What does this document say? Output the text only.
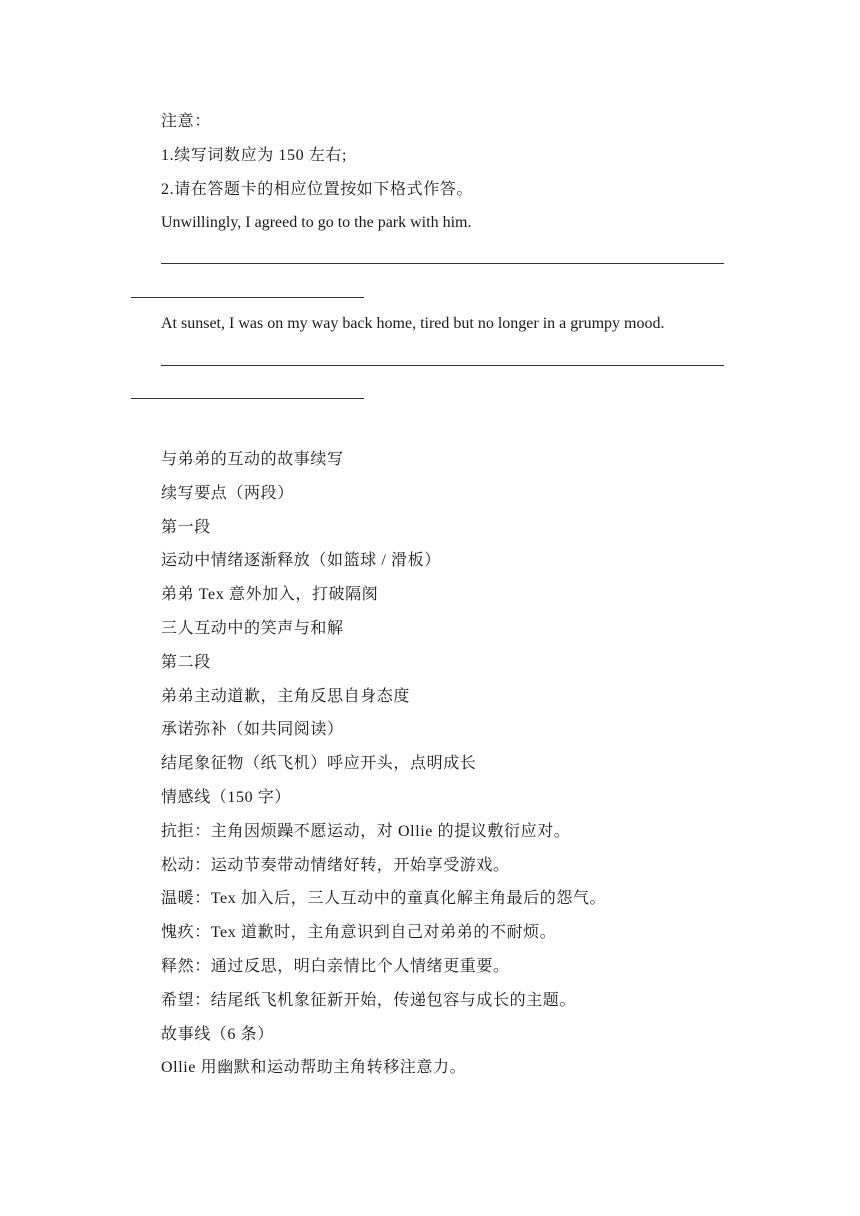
注意：
1.续写词数应为 150 左右;
2.请在答题卡的相应位置按如下格式作答。
Unwillingly, I agreed to go to the park with him.
At sunset, I was on my way back home, tired but no longer in a grumpy mood.
与弟弟的互动的故事续写
续写要点（两段）
第一段
运动中情绪逐渐释放（如篮球 / 滑板）
弟弟 Tex 意外加入，打破隔阂
三人互动中的笑声与和解
第二段
弟弟主动道歉，主角反思自身态度
承诺弥补（如共同阅读）
结尾象征物（纸飞机）呼应开头，点明成长
情感线（150 字）
抗拒：主角因烦躁不愿运动，对 Ollie 的提议敷衍应对。
松动：运动节奏带动情绪好转，开始享受游戏。
温暖：Tex 加入后，三人互动中的童真化解主角最后的怨气。
愧疚：Tex 道歉时，主角意识到自己对弟弟的不耐烦。
释然：通过反思，明白亲情比个人情绪更重要。
希望：结尾纸飞机象征新开始，传递包容与成长的主题。
故事线（6 条）
Ollie 用幽默和运动帮助主角转移注意力。
